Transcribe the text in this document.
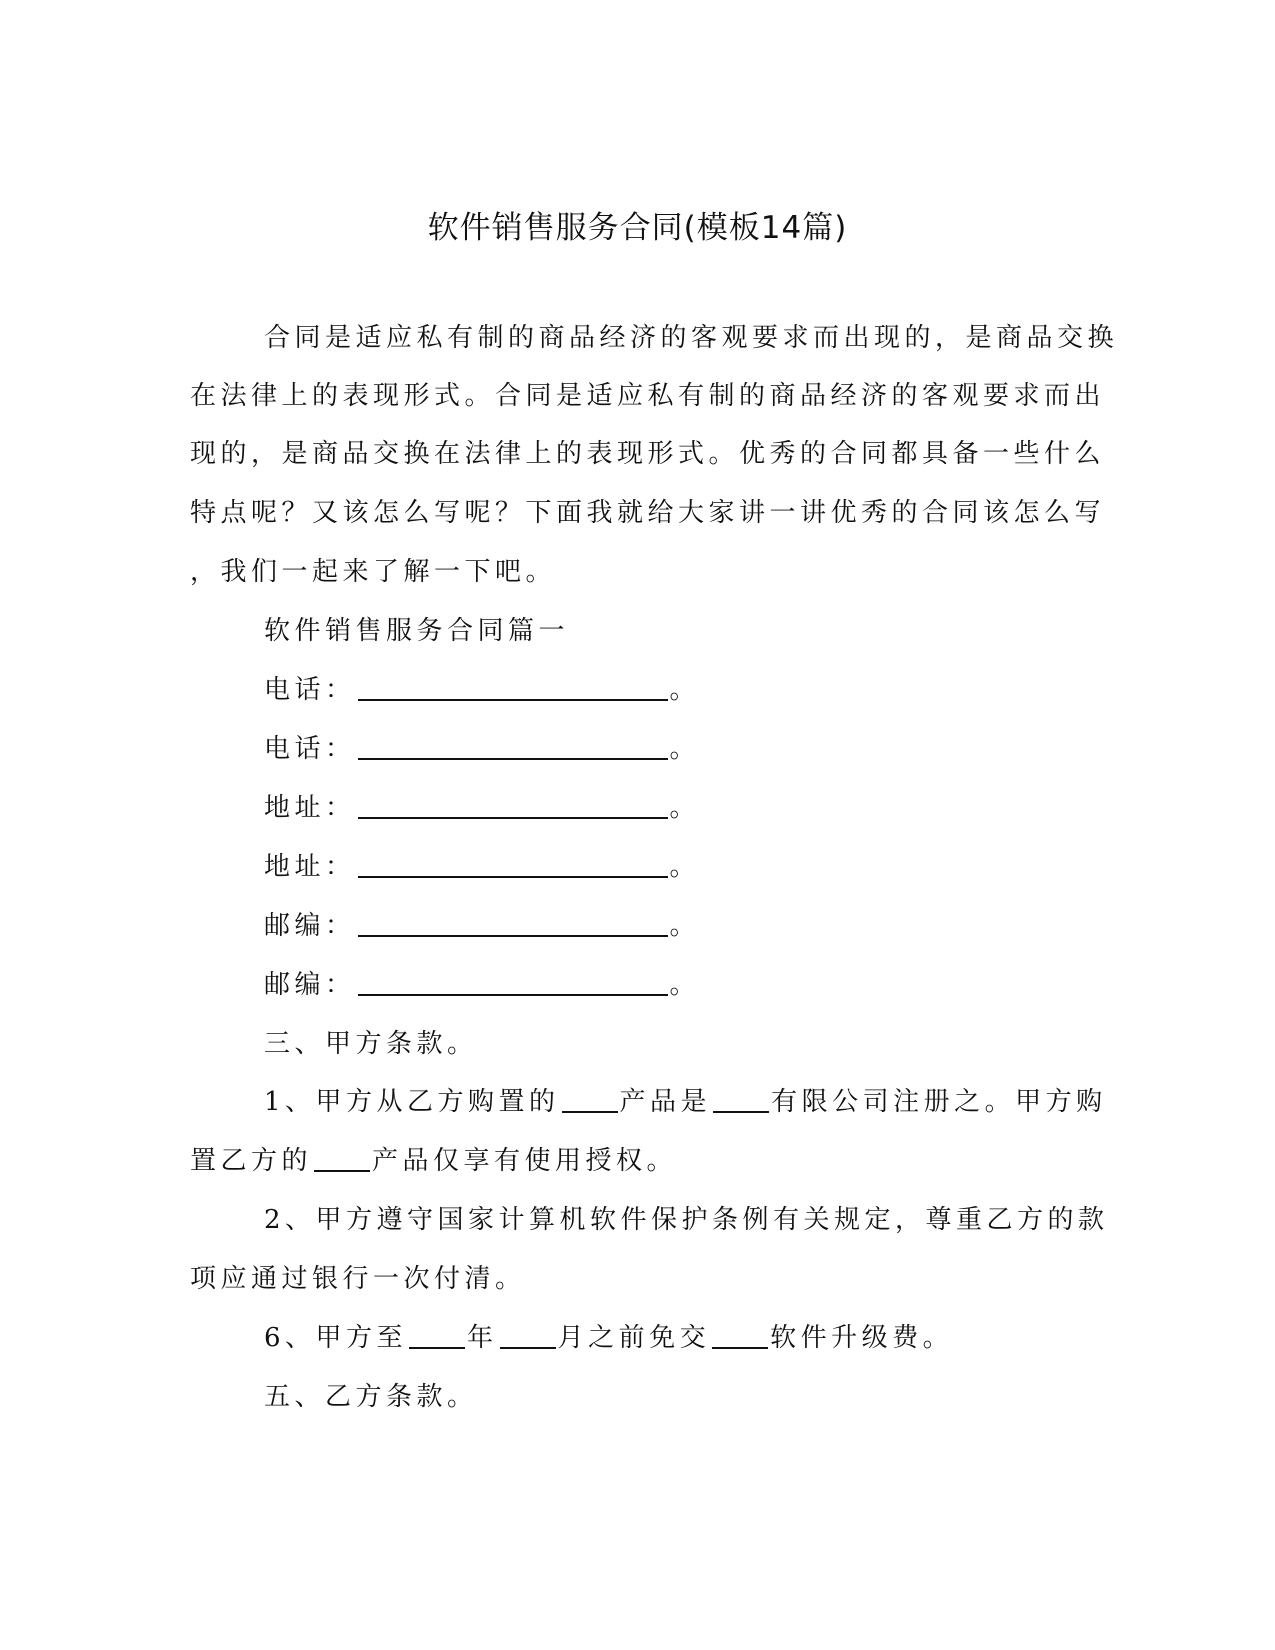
软件销售服务合同(模板14篇)
合同是适应私有制的商品经济的客观要求而出现的，是商品交换
在法律上的表现形式。合同是适应私有制的商品经济的客观要求而出
现的，是商品交换在法律上的表现形式。优秀的合同都具备一些什么
特点呢？又该怎么写呢？下面我就给大家讲一讲优秀的合同该怎么写
，我们一起来了解一下吧。
软件销售服务合同篇一
电话：	。
电话：	。
地址：	。
地址：	。
邮编：	。
邮编：	。
三、甲方条款。
1、甲方从乙方购置的 产品是 有限公司注册之。甲方购
置乙方的 产品仅享有使用授权。
2、甲方遵守国家计算机软件保护条例有关规定，尊重乙方的款
项应通过银行一次付清。
6、甲方至 年 月之前免交 软件升级费。
五、乙方条款。
